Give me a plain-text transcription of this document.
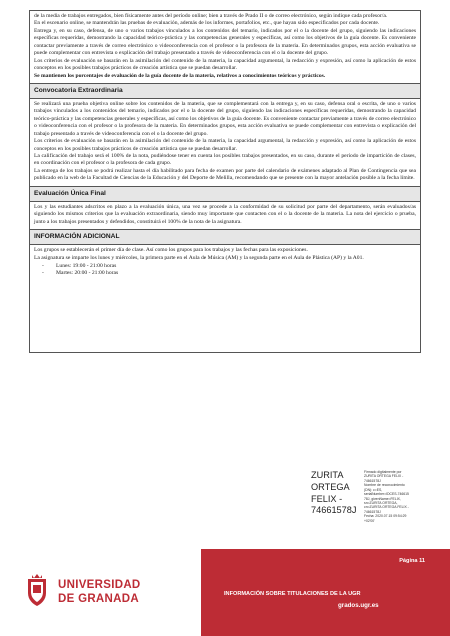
de la media de trabajos entregados, bien físicamente antes del período online; bien a través de Prado II o de correo electrónico, según indique cada profesor/a.

En el escenario online, se mantendrán las pruebas de evaluación, además de los informes, portafolios, etc., que hayan sido especificados por cada docente.

Entrega y, en su caso, defensa, de uno o varios trabajos vinculados a los contenidos del temario, indicados por el o la docente del grupo, siguiendo las indicaciones específicas requeridas, demostrando la capacidad teórico-práctica y las competencias generales y específicas, así como los objetivos de la guía docente. Es conveniente contactar previamente a través de correo electrónico o videoconferencia con el profesor o la profesora de la materia. En determinados grupos, esta acción evaluativa se puede complementar con entrevista o explicación del trabajo presentado a través de videoconferencia con el o la docente del grupo.

Los criterios de evaluación se basarán en la asimilación del contenido de la materia, la capacidad argumental, la redacción y expresión, así como la aplicación de estos conceptos en los posibles trabajos prácticos de creación artística que se puedan desarrollar.

Se mantienen los porcentajes de evaluación de la guía docente de la materia, relativos a conocimientos teóricos y prácticos.

Convocatoria Extraordinaria

Se realizará una prueba objetiva online sobre los contenidos de la materia, que se complementará con la entrega y, en su caso, defensa oral o escrita, de uno o varios trabajos vinculados a los contenidos del temario, indicados por el o la docente del grupo, siguiendo las indicaciones específicas requeridas, demostrando la capacidad teórico-práctica y las competencias generales y específicas, así como los objetivos de la guía docente. Es conveniente contactar previamente a través de correo electrónico o videoconferencia con el profesor o la profesora de la materia. En determinados grupos, esta acción evaluativa se puede complementar con entrevista o explicación del trabajo presentado a través de videoconferencia con el o la docente del grupo.

Los criterios de evaluación se basarán en la asimilación del contenido de la materia, la capacidad argumental, la redacción y expresión, así como la aplicación de estos conceptos en los posibles trabajos prácticos de creación artística que se puedan desarrollar.

La calificación del trabajo será el 100% de la nota, pudiéndose tener en cuenta los posibles trabajos presentados, en su caso, durante el período de impartición de clases, en coordinación con el profesor o la profesora de cada grupo.

La entrega de los trabajos se podrá realizar hasta el día habilitado para fecha de examen por parte del calendario de exámenes adaptado al Plan de Contingencia que sea publicado en la web de la Facultad de Ciencias de la Educación y del Deporte de Melilla, recomendando que se presente con la mayor antelación posible a la fecha límite.

Evaluación Única Final

Los y las estudiantes adscritos en plazo a la evaluación única, una vez se procede a la conformidad de su solicitud por parte del departamento, serán evaluados/as siguiendo los mismos criterios que la evaluación extraordinaria, siendo muy importante que contacten con el o la docente de la materia. La nota del ejercicio o prueba, junto a los trabajos presentados y defendidos, constituirá el 100% de la nota de la asignatura.

INFORMACIÓN ADICIONAL

Los grupos se establecerán el primer día de clase. Así como los grupos para los trabajos y las fechas para las exposiciones.

La asignatura se imparte los lunes y miércoles, la primera parte en el Aula de Música (AM) y la segunda parte en el Aula de Plástica (AP) y la A01.

- Lunes: 19:00 - 21:00 horas
- Martes: 20:00 - 21:00 horas
ZURITA
ORTEGA
FELIX -
74661578J
Firmado digitalmente por
ZURITA ORTEGA FELIX -
74661578J
Nombre de reconocimiento
(DN): c=ES,
serialNumber=IDCES-746615
78J, givenName=FELIX,
sn=ZURITA ORTEGA,
cn=ZURITA ORTEGA FELIX -
74661578J
Fecha: 2020.07.15 09:54:29
+02'00'
UNIVERSIDAD
DE GRANADA
Página 11
INFORMACIÓN SOBRE TITULACIONES DE LA UGR
grados.ugr.es
